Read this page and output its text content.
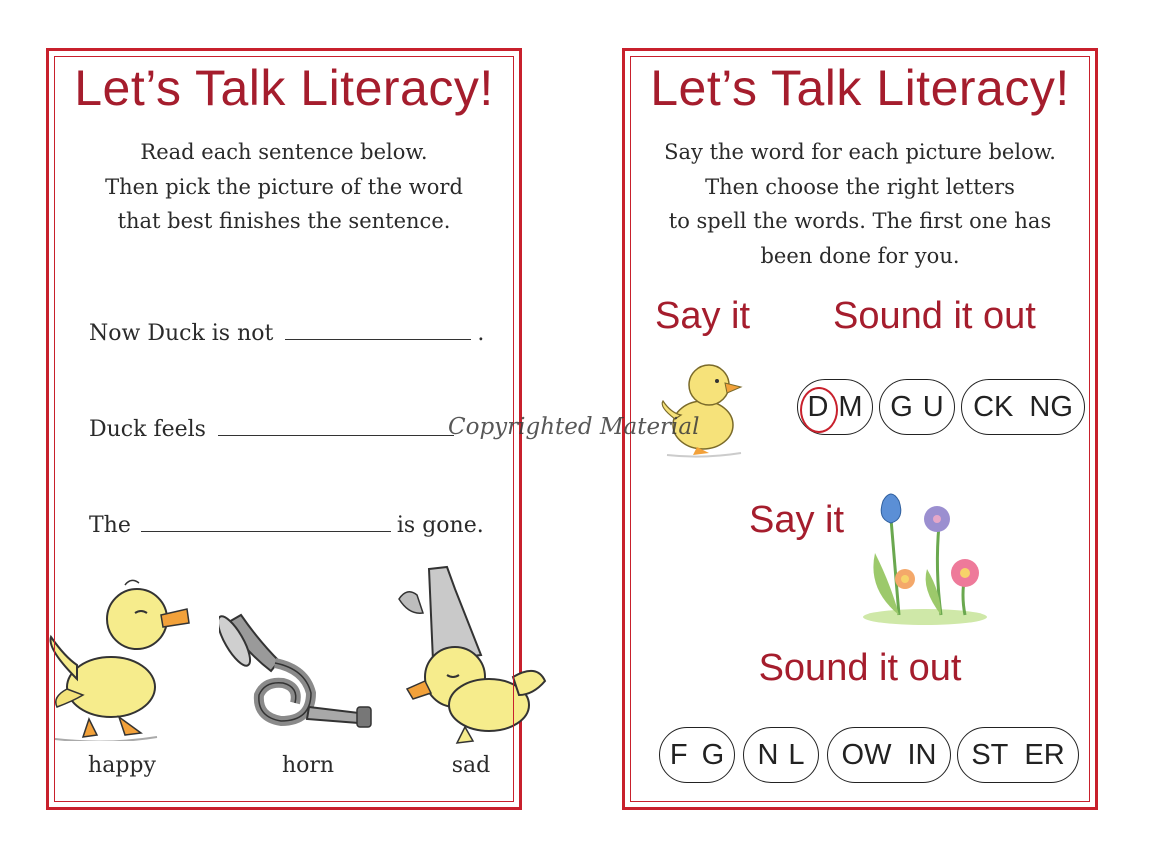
Let’s Talk Literacy!
Read each sentence below.
Then pick the picture of the word
that best finishes the sentence.
Now Duck is not	.
Duck feels
The	is gone.
happy	horn	sad
Let’s Talk Literacy!
Say the word for each picture below.
Then choose the right letters
to spell the words. The first one has
been done for you.
Say it Sound it out
D M G U CK NG
Say it
Sound it out
F G N L OW IN ST ER
Copyrighted Material
